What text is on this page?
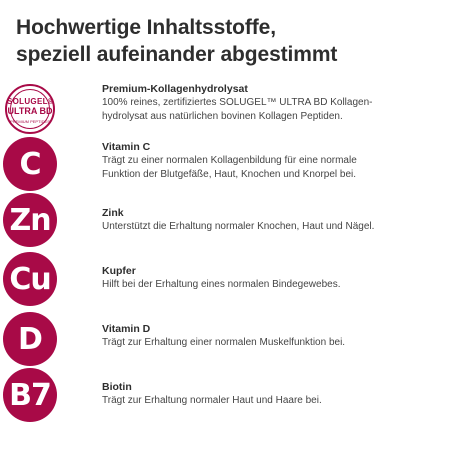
Hochwertige Inhaltsstoffe,
speziell aufeinander abgestimmt
SOLUGEL®
ULTRA BD
PREMIUM PEPTIDES
Premium-Kollagenhydrolysat
100% reines, zertifiziertes SOLUGEL™ ULTRA BD Kollagen-
hydrolysat aus natürlichen bovinen Kollagen Peptiden.
C	Vitamin C
Trägt zu einer normalen Kollagenbildung für eine normale
Funktion der Blutgefäße, Haut, Knochen und Knorpel bei.
Zn	Zink
Unterstützt die Erhaltung normaler Knochen, Haut und Nägel.
Cu	Kupfer
Hilft bei der Erhaltung eines normalen Bindegewebes.
D	Vitamin D
Trägt zur Erhaltung einer normalen Muskelfunktion bei.
B7	Biotin
Trägt zur Erhaltung normaler Haut und Haare bei.
